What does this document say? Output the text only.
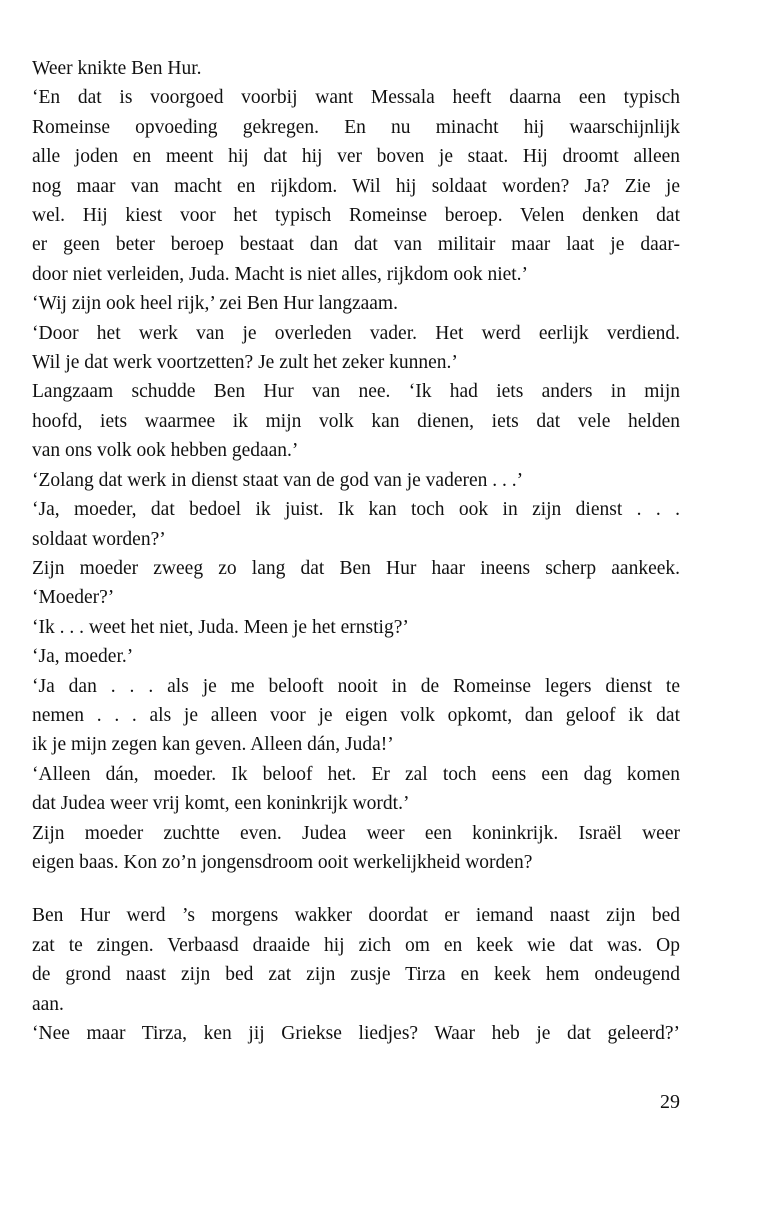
Weer knikte Ben Hur.
‘En dat is voorgoed voorbij want Messala heeft daarna een typisch
Romeinse opvoeding gekregen. En nu minacht hij waarschijnlijk
alle joden en meent hij dat hij ver boven je staat. Hij droomt alleen
nog maar van macht en rijkdom. Wil hij soldaat worden? Ja? Zie je
wel. Hij kiest voor het typisch Romeinse beroep. Velen denken dat
er geen beter beroep bestaat dan dat van militair maar laat je daar-
door niet verleiden, Juda. Macht is niet alles, rijkdom ook niet.’
‘Wij zijn ook heel rijk,’ zei Ben Hur langzaam.
‘Door het werk van je overleden vader. Het werd eerlijk verdiend.
Wil je dat werk voortzetten? Je zult het zeker kunnen.’
Langzaam schudde Ben Hur van nee. ‘Ik had iets anders in mijn
hoofd, iets waarmee ik mijn volk kan dienen, iets dat vele helden
van ons volk ook hebben gedaan.’
‘Zolang dat werk in dienst staat van de god van je vaderen . . .’
‘Ja, moeder, dat bedoel ik juist. Ik kan toch ook in zijn dienst . . .
soldaat worden?’
Zijn moeder zweeg zo lang dat Ben Hur haar ineens scherp aankeek.
‘Moeder?’
‘Ik . . . weet het niet, Juda. Meen je het ernstig?’
‘Ja, moeder.’
‘Ja dan . . . als je me belooft nooit in de Romeinse legers dienst te
nemen . . . als je alleen voor je eigen volk opkomt, dan geloof ik dat
ik je mijn zegen kan geven. Alleen dán, Juda!’
‘Alleen dán, moeder. Ik beloof het. Er zal toch eens een dag komen
dat Judea weer vrij komt, een koninkrijk wordt.’
Zijn moeder zuchtte even. Judea weer een koninkrijk. Israël weer
eigen baas. Kon zo’n jongensdroom ooit werkelijkheid worden?
Ben Hur werd ’s morgens wakker doordat er iemand naast zijn bed
zat te zingen. Verbaasd draaide hij zich om en keek wie dat was. Op
de grond naast zijn bed zat zijn zusje Tirza en keek hem ondeugend
aan.
‘Nee maar Tirza, ken jij Griekse liedjes? Waar heb je dat geleerd?’
29
